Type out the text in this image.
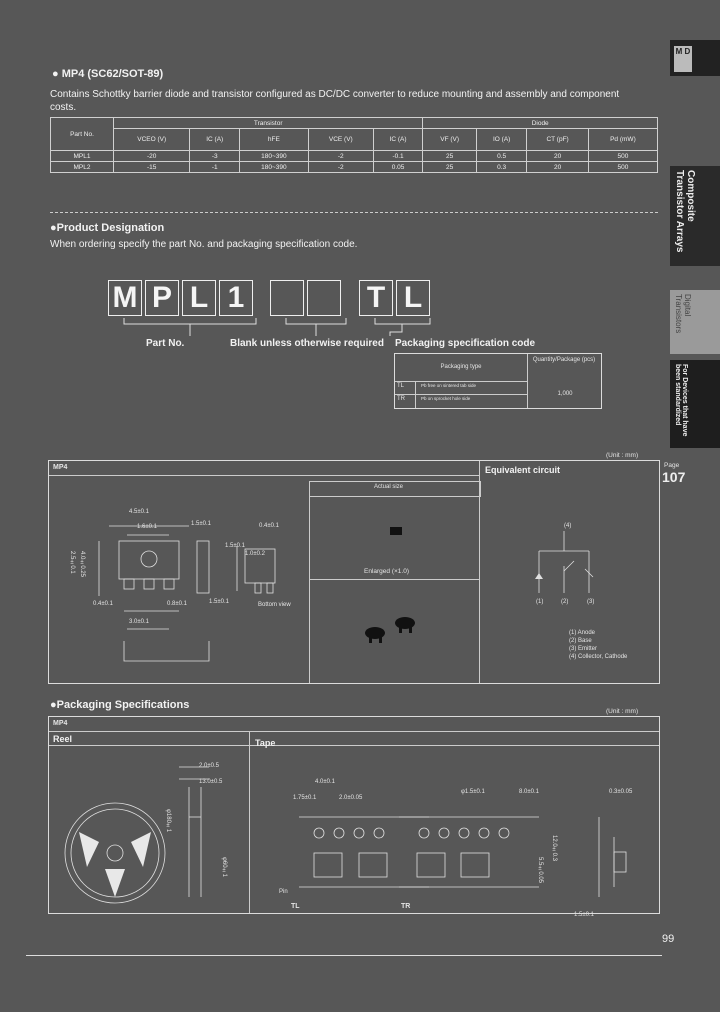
● MP4 (SC62/SOT-89)
Contains Schottky barrier diode and transistor configured as DC/DC converter to reduce mounting and assembly and component costs.
Part No.	Transistor					Diode			
	VCEO (V)	IC (A)	hFE	VCE (V)	IC (A)	VF (V)	IO (A)	CT (pF)	Pd (mW)
MPL1	-20	-3	180~390	-2	-0.1	25	0.5	20	500
MPL2	-15	-1	180~390	-2	0.05	25	0.3	20	500
●Product Designation
When ordering specify the part No. and packaging specification code.
M P L 1	T L
Part No.	Blank unless otherwise required Packaging specification code
Packaging type
Quantity/Package (pcs)
TL	Pb free on sintered tab side
TR	Pb on sprocket hole side
1,000
(Unit : mm)
MP4	Equivalent circuit
Actual size
Enlarged (×1.0)
4.5±0.1
1.6±0.1	1.5±0.1	0.4±0.1
1.5±0.1
2.5±0.1 4.0±0.25
0.4±0.1	1.5±0.1
3.0±0.1
0.8±0.1
1.0±0.2
Bottom view
(4)
(1)	(2)	(3)
(1) Anode
(2) Base
(3) Emitter
(4) Collector, Cathode
●Packaging Specifications
(Unit : mm)
MP4
Reel	Tape
2.0±0.5
13.0±0.5
φ180±1
φ60±1
4.0±0.1
2.0±0.05
1.75±0.1
φ1.5±0.1	8.0±0.1
5.5±0.05
12.0±0.3
1.5±0.1
0.3±0.05
Pin
TL	TR
M D
Composite Transistor Arrays
Digital Transistors
For Devices that have been standardized
Page
107
99
